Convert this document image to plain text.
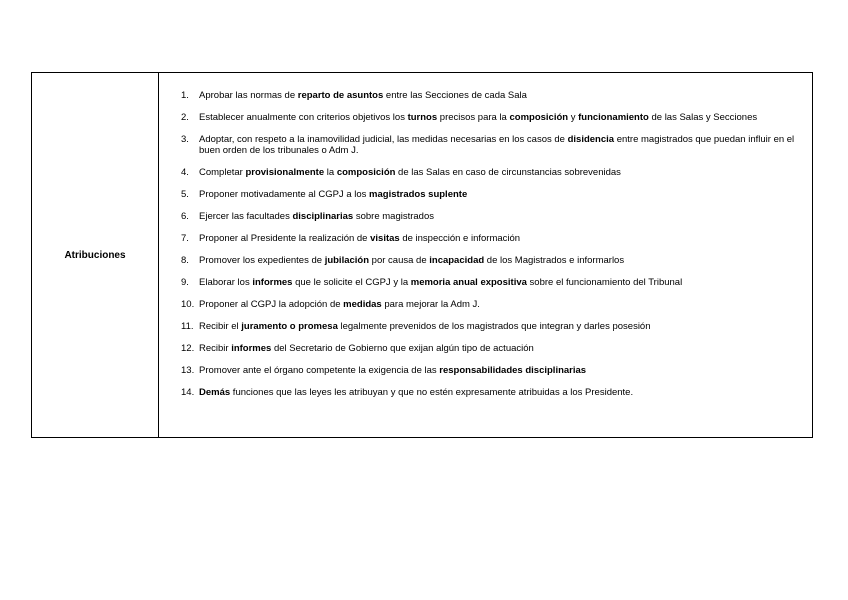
Atribuciones
1.	Aprobar las normas de reparto de asuntos entre las Secciones de cada Sala
2.	Establecer anualmente con criterios objetivos los turnos precisos para la composición y funcionamiento de las Salas y Secciones
3.	Adoptar, con respeto a la inamovilidad judicial, las medidas necesarias en los casos de disidencia entre magistrados que puedan influir en el buen orden de los tribunales o Adm J.
4.	Completar provisionalmente la composición de las Salas en caso de circunstancias sobrevenidas
5.	Proponer motivadamente al CGPJ a los magistrados suplente
6.	Ejercer las facultades disciplinarias sobre magistrados
7.	Proponer al Presidente la realización de visitas de inspección e información
8.	Promover los expedientes de jubilación por causa de incapacidad de los Magistrados e informarlos
9.	Elaborar los informes que le solicite el CGPJ y la memoria anual expositiva sobre el funcionamiento del Tribunal
10. Proponer al CGPJ la adopción de medidas para mejorar la Adm J.
11. Recibir el juramento o promesa legalmente prevenidos de los magistrados que integran y darles posesión
12. Recibir informes del Secretario de Gobierno que exijan algún tipo de actuación
13. Promover ante el órgano competente la exigencia de las responsabilidades disciplinarias
14. Demás funciones que las leyes les atribuyan y que no estén expresamente atribuidas a los Presidente.
